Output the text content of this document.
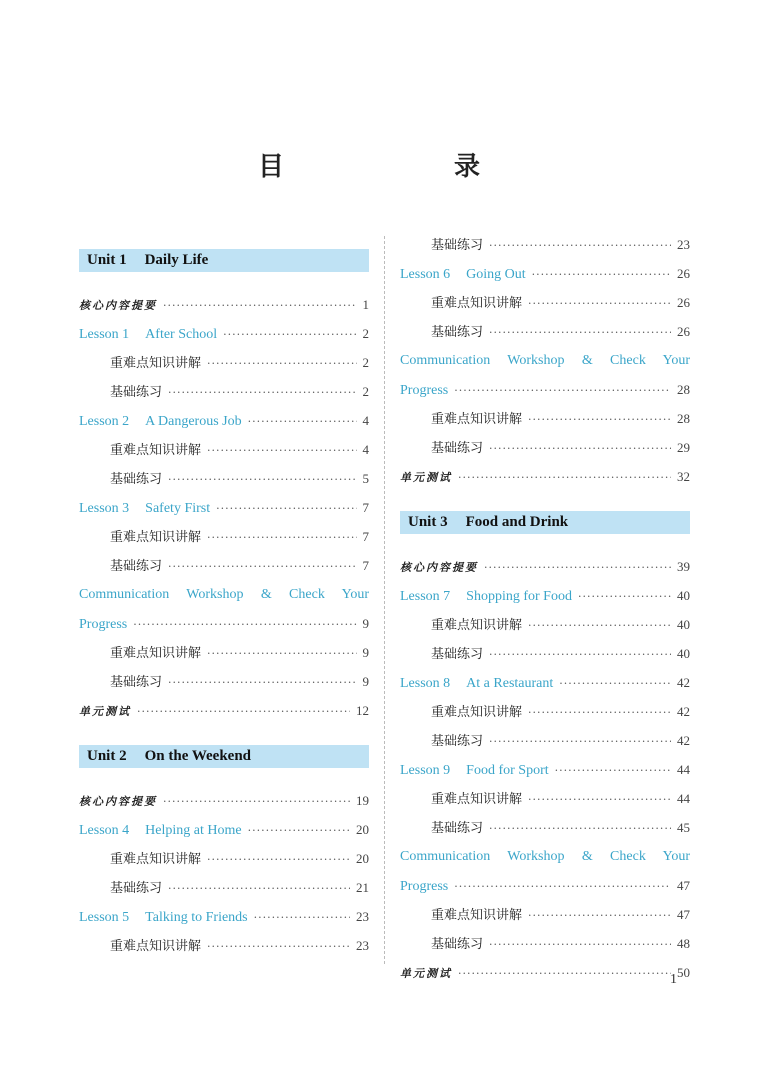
目　录
Unit 1 Daily Life
核心内容提要 ·····	1
Lesson 1 After School ·····	2
重难点知识讲解 ·····	2
基础练习 ·····	2
Lesson 2 A Dangerous Job ·····	4
重难点知识讲解 ·····	4
基础练习 ·····	5
Lesson 3 Safety First ·····	7
重难点知识讲解 ·····	7
基础练习 ·····	7
Communication Workshop & Check Your
Progress ·····	9
重难点知识讲解 ·····	9
基础练习 ·····	9
单元测试 ·····	12
Unit 2 On the Weekend
核心内容提要 ·····	19
Lesson 4 Helping at Home ·····	20
重难点知识讲解 ·····	20
基础练习 ·····	21
Lesson 5 Talking to Friends ·····	23
重难点知识讲解 ·····	23
基础练习 ·····	23
Lesson 6 Going Out ·····	26
重难点知识讲解 ·····	26
基础练习 ·····	26
Communication Workshop & Check Your
Progress ·····	28
重难点知识讲解 ·····	28
基础练习 ·····	29
单元测试 ·····	32
Unit 3 Food and Drink
核心内容提要 ·····	39
Lesson 7 Shopping for Food ·····	40
重难点知识讲解 ·····	40
基础练习 ·····	40
Lesson 8 At a Restaurant ·····	42
重难点知识讲解 ·····	42
基础练习 ·····	42
Lesson 9 Food for Sport ·····	44
重难点知识讲解 ·····	44
基础练习 ·····	45
Communication Workshop & Check Your
Progress ·····	47
重难点知识讲解 ·····	47
基础练习 ·····	48
单元测试 ·····	50
1
